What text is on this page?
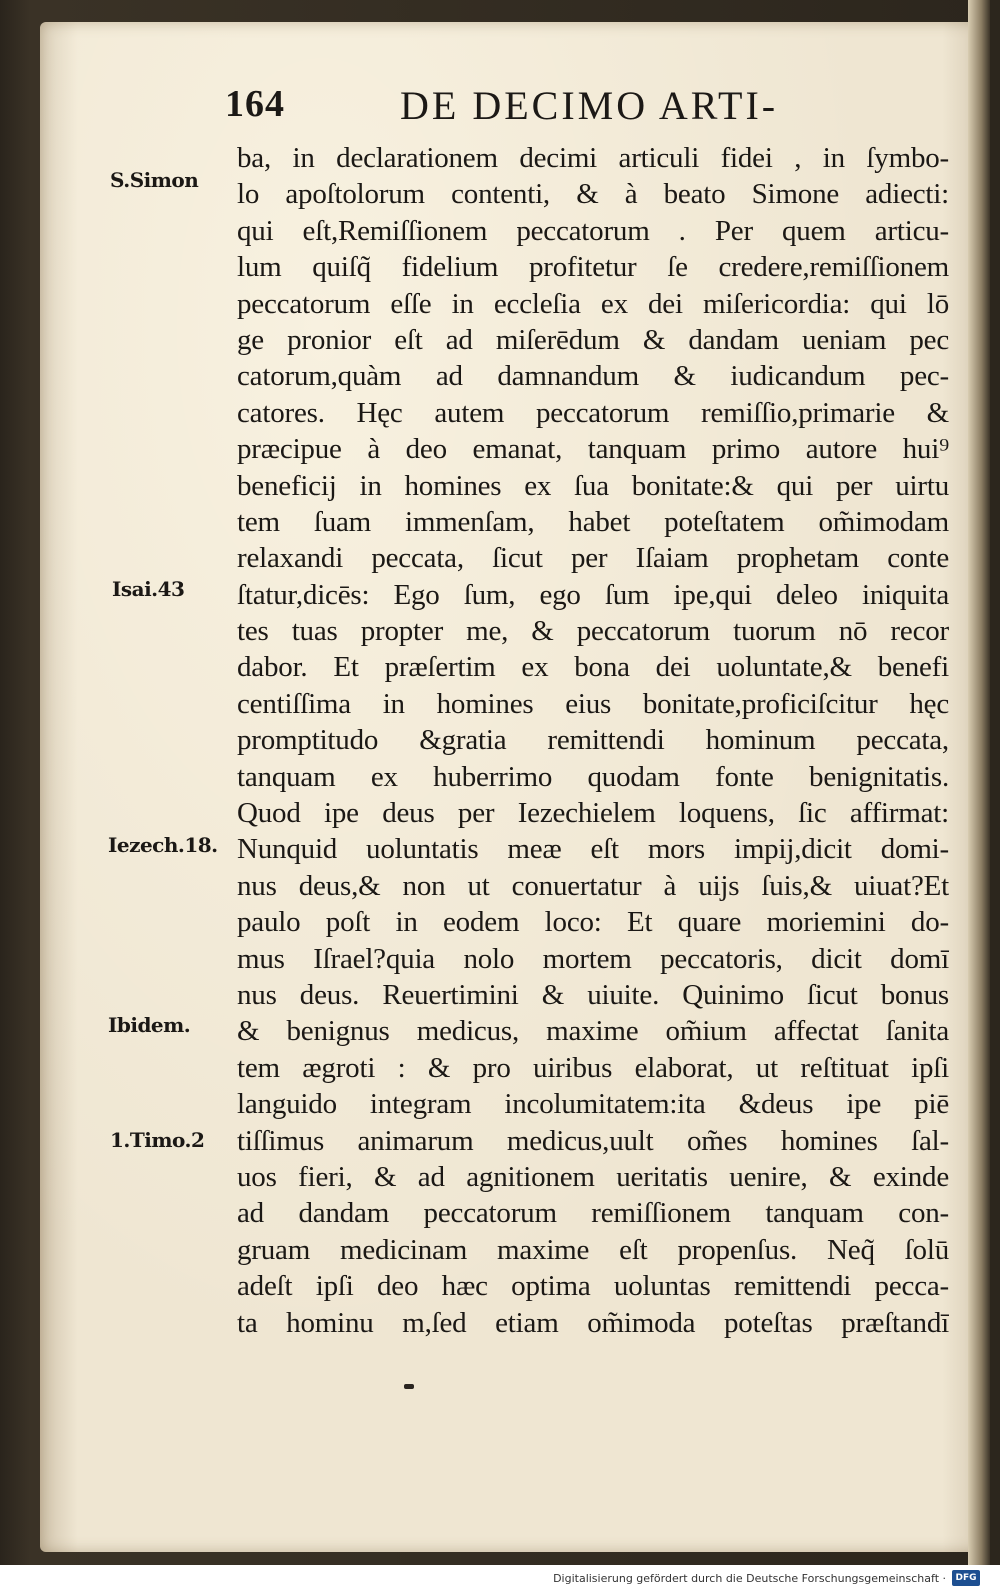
164	DE DECIMO ARTI-
S.Simon
Isai.43
Iezech.18.
Ibidem.
1.Timo.2
ba, in declarationem decimi articuli fidei , in ſymbo-
lo apoſtolorum contenti, & à beato Simone adiecti:
qui eſt,Remiſſionem peccatorum . Per quem articu-
lum quiſq̃ fidelium profitetur ſe credere,remiſſionem
peccatorum eſſe in eccleſia ex dei miſericordia: qui lō
ge pronior eſt ad miſerēdum & dandam ueniam pec
catorum,quàm ad damnandum & iudicandum pec-
catores. Hęc autem peccatorum remiſſio,primarie &
præcipue à deo emanat, tanquam primo autore hui⁹
beneficij in homines ex ſua bonitate:& qui per uirtu
tem ſuam immenſam, habet poteſtatem om̃imodam
relaxandi peccata, ſicut per Iſaiam prophetam conte
ſtatur,dicēs: Ego ſum, ego ſum ipe,qui deleo iniquita
tes tuas propter me, & peccatorum tuorum nō recor
dabor. Et præſertim ex bona dei uoluntate,& benefi
centiſſima in homines eius bonitate,proficiſcitur hęc
promptitudo &gratia remittendi hominum peccata,
tanquam ex huberrimo quodam fonte benignitatis.
Quod ipe deus per Iezechielem loquens, ſic affirmat:
Nunquid uoluntatis meæ eſt mors impij,dicit domi-
nus deus,& non ut conuertatur à uijs ſuis,& uiuat?Et
paulo poſt in eodem loco: Et quare moriemini do-
mus Iſrael?quia nolo mortem peccatoris, dicit domī
nus deus. Reuertimini & uiuite. Quinimo ſicut bonus
& benignus medicus, maxime om̃ium affectat ſanita
tem ægroti : & pro uiribus elaborat, ut reſtituat ipſi
languido integram incolumitatem:ita &deus ipe piē
tiſſimus animarum medicus,uult om̃es homines ſal-
uos fieri, & ad agnitionem ueritatis uenire, & exinde
ad dandam peccatorum remiſſionem tanquam con-
gruam medicinam maxime eſt propenſus. Neq̃ ſolū
adeſt ipſi deo hæc optima uoluntas remittendi pecca-
ta hominu m,ſed etiam om̃imoda poteſtas præſtandī
Digitalisierung gefördert durch die Deutsche Forschungsgemeinschaft ·	DFG
